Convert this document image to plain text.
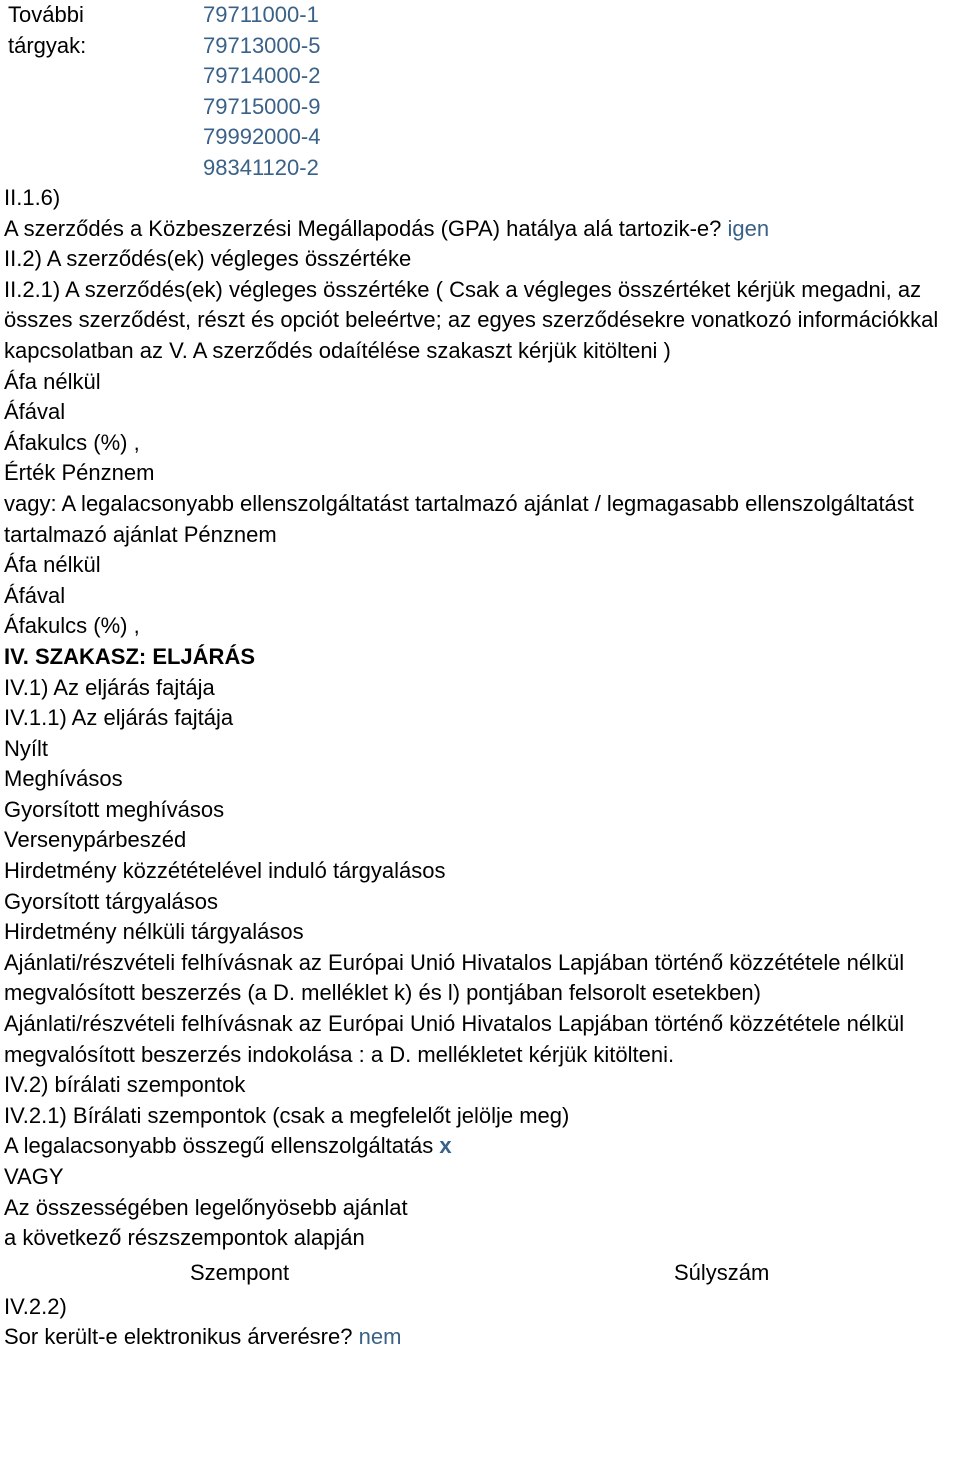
További
tárgyak:
79711000-1
79713000-5
79714000-2
79715000-9
79992000-4
98341120-2
II.1.6)
A szerződés a Közbeszerzési Megállapodás (GPA) hatálya alá tartozik-e? igen
II.2) A szerződés(ek) végleges összértéke

II.2.1) A szerződés(ek) végleges összértéke ( Csak a végleges összértéket kérjük megadni, az összes szerződést, részt és opciót beleértve; az egyes szerződésekre vonatkozó információkkal kapcsolatban az V. A szerződés odaítélése szakaszt kérjük kitölteni )

Áfa nélkül
Áfával
Áfakulcs (%) ,
Érték Pénznem

vagy: A legalacsonyabb ellenszolgáltatást tartalmazó ajánlat / legmagasabb ellenszolgáltatást tartalmazó ajánlat Pénznem

Áfa nélkül
Áfával
Áfakulcs (%) ,
IV. SZAKASZ: ELJÁRÁS
IV.1) Az eljárás fajtája
IV.1.1) Az eljárás fajtája
Nyílt
Meghívásos
Gyorsított meghívásos
Versenypárbeszéd
Hirdetmény közzétételével induló tárgyalásos
Gyorsított tárgyalásos
Hirdetmény nélküli tárgyalásos

Ajánlati/részvételi felhívásnak az Európai Unió Hivatalos Lapjában történő közzététele nélkül megvalósított beszerzés (a D. melléklet k) és l) pontjában felsorolt esetekben)

Ajánlati/részvételi felhívásnak az Európai Unió Hivatalos Lapjában történő közzététele nélkül megvalósított beszerzés indokolása : a D. mellékletet kérjük kitölteni.

IV.2) bírálati szempontok
IV.2.1) Bírálati szempontok (csak a megfelelőt jelölje meg)
A legalacsonyabb összegű ellenszolgáltatás x
VAGY
Az összességében legelőnyösebb ajánlat
a következő részszempontok alapján
Szempont	Súlyszám
IV.2.2)
Sor került-e elektronikus árverésre? nem
